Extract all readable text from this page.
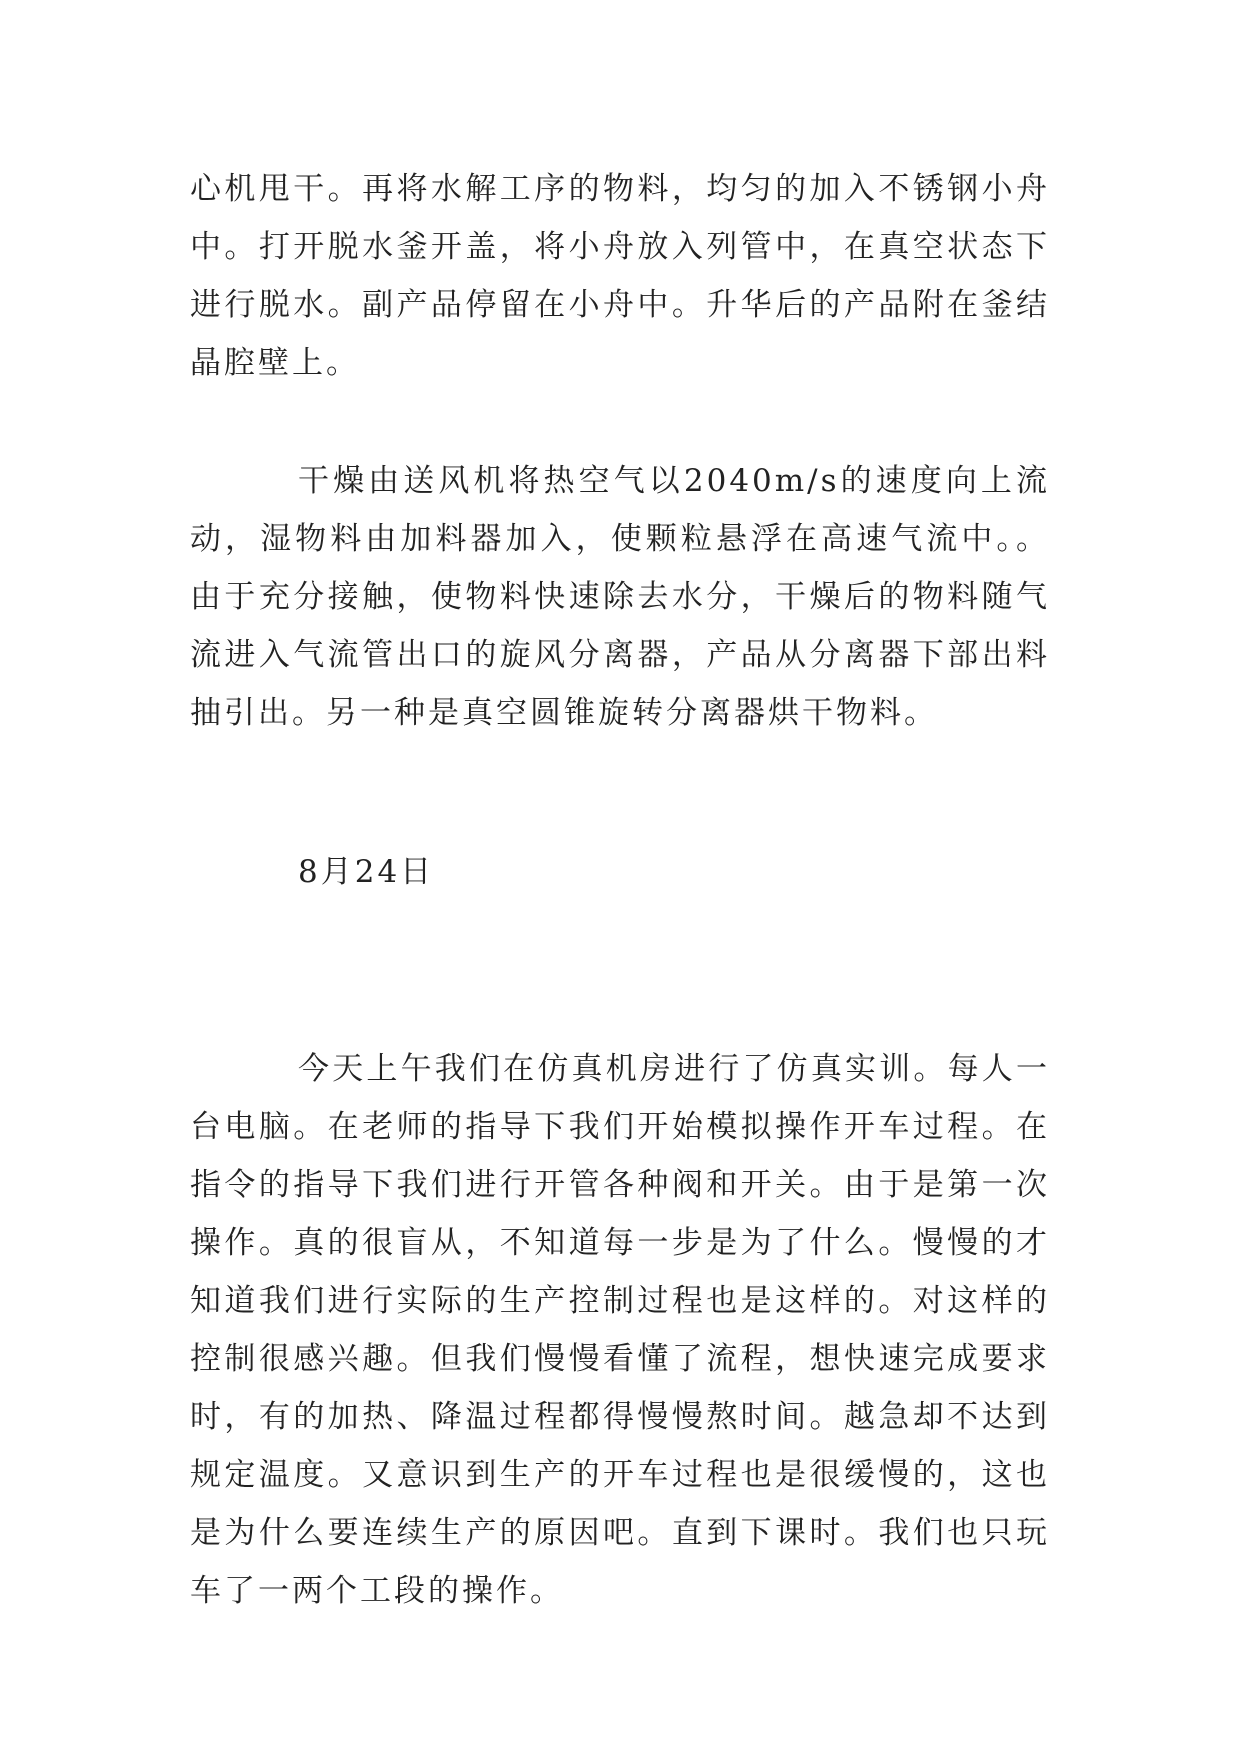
心机甩干。再将水解工序的物料，均匀的加入不锈钢小舟中。打开脱水釜开盖，将小舟放入列管中，在真空状态下进行脱水。副产品停留在小舟中。升华后的产品附在釜结晶腔壁上。

干燥由送风机将热空气以2040m/s的速度向上流动，湿物料由加料器加入，使颗粒悬浮在高速气流中。。由于充分接触，使物料快速除去水分，干燥后的物料随气流进入气流管出口的旋风分离器，产品从分离器下部出料抽引出。另一种是真空圆锥旋转分离器烘干物料。

8月24日

今天上午我们在仿真机房进行了仿真实训。每人一台电脑。在老师的指导下我们开始模拟操作开车过程。在指令的指导下我们进行开管各种阀和开关。由于是第一次操作。真的很盲从，不知道每一步是为了什么。慢慢的才知道我们进行实际的生产控制过程也是这样的。对这样的控制很感兴趣。但我们慢慢看懂了流程，想快速完成要求时，有的加热、降温过程都得慢慢熬时间。越急却不达到规定温度。又意识到生产的开车过程也是很缓慢的，这也是为什么要连续生产的原因吧。直到下课时。我们也只玩车了一两个工段的操作。
